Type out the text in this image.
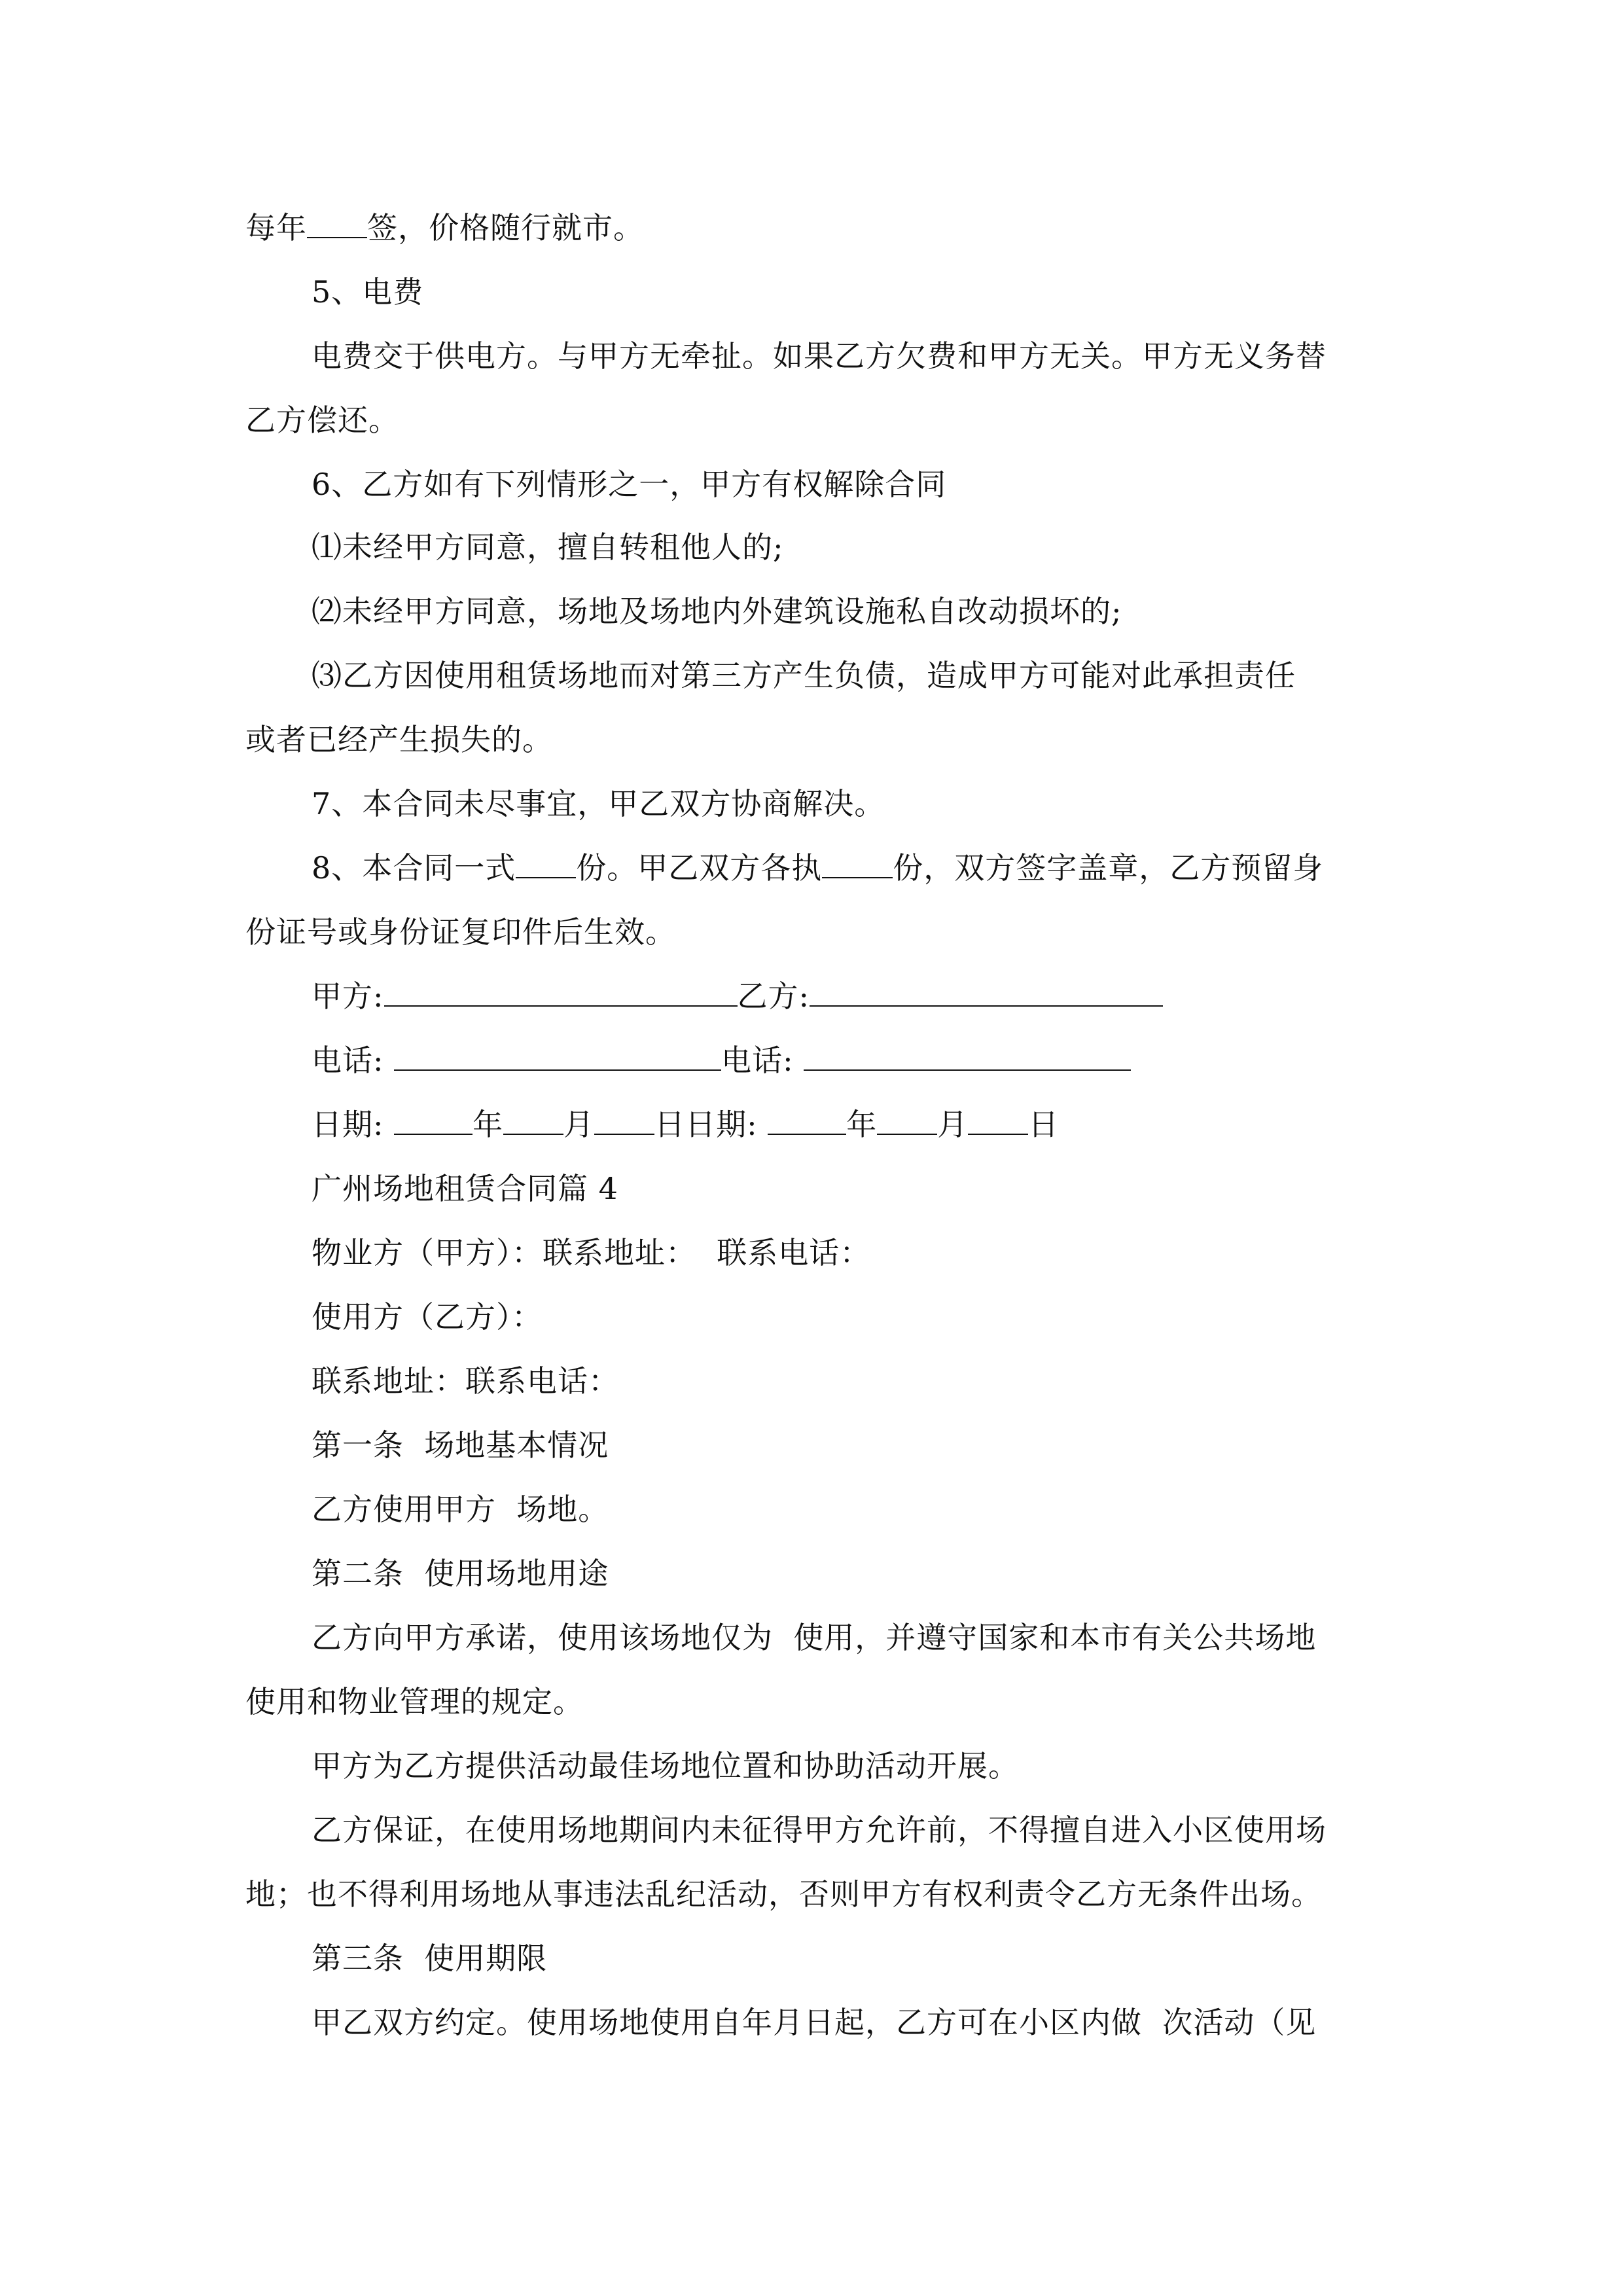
每年 签，价格随行就市。
5、电费
电费交于供电方。与甲方无牵扯。如果乙方欠费和甲方无关。甲方无义务替
乙方偿还。
6、乙方如有下列情形之一，甲方有权解除合同
⑴未经甲方同意，擅自转租他人的;
⑵未经甲方同意，场地及场地内外建筑设施私自改动损坏的;
⑶乙方因使用租赁场地而对第三方产生负债，造成甲方可能对此承担责任
或者已经产生损失的。
7、本合同未尽事宜，甲乙双方协商解决。
8、本合同一式 份。甲乙双方各执 份，双方签字盖章，乙方预留身
份证号或身份证复印件后生效。
甲方:	乙方:
电话:	电话:
日期:	年 月 日日期:	年 月 日
广州场地租赁合同篇 4
物业方（甲方）：联系地址：  联系电话：
使用方（乙方）：
联系地址：联系电话：
第一条  场地基本情况
乙方使用甲方  场地。
第二条  使用场地用途
乙方向甲方承诺，使用该场地仅为  使用，并遵守国家和本市有关公共场地
使用和物业管理的规定。
甲方为乙方提供活动最佳场地位置和协助活动开展。
乙方保证，在使用场地期间内未征得甲方允许前，不得擅自进入小区使用场
地；也不得利用场地从事违法乱纪活动，否则甲方有权利责令乙方无条件出场。
第三条  使用期限
甲乙双方约定。使用场地使用自年月日起，乙方可在小区内做  次活动（见
